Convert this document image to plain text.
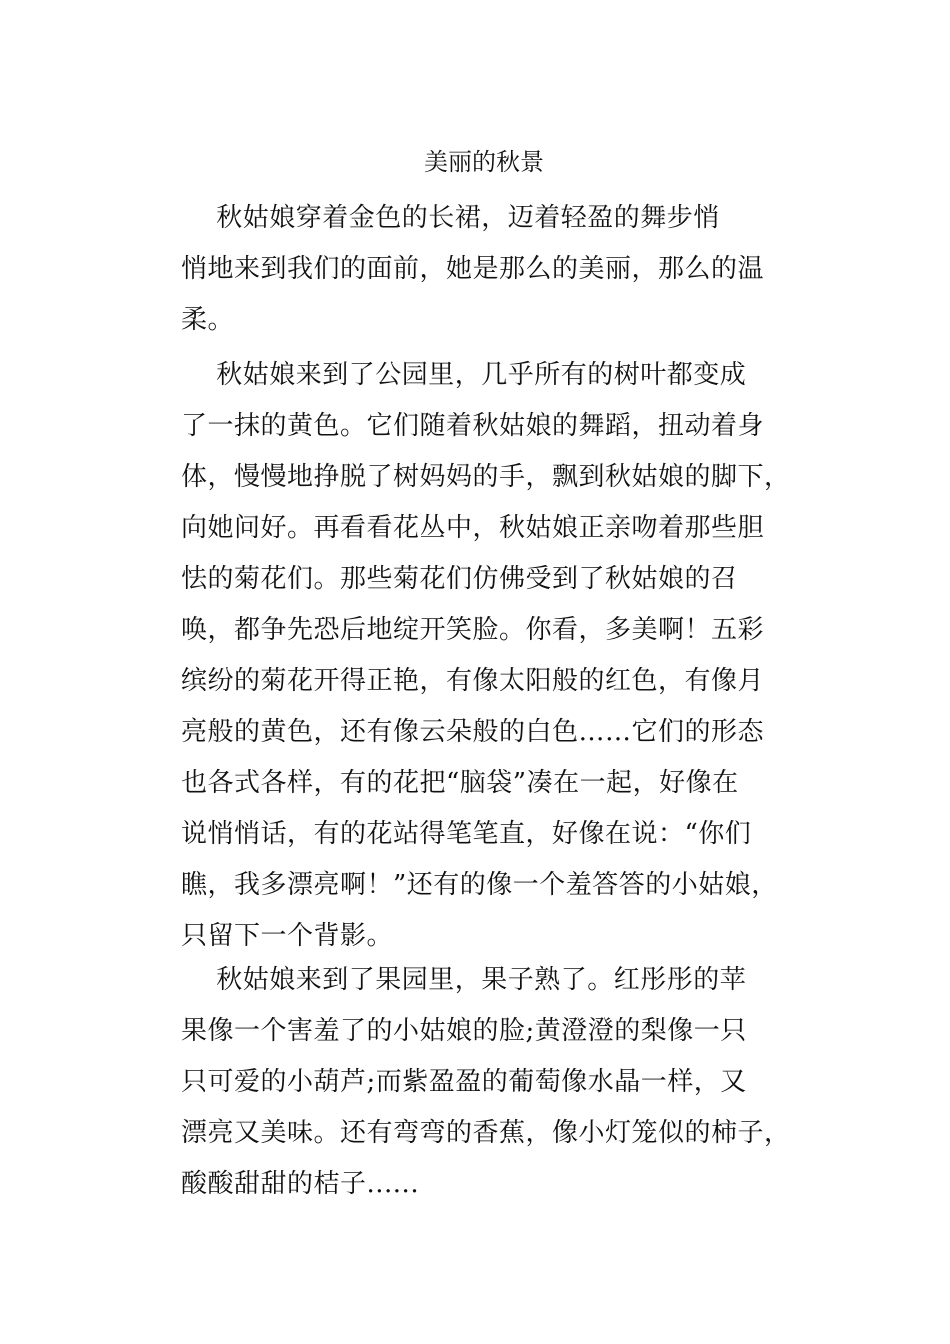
美丽的秋景
　 秋姑娘穿着金色的长裙，迈着轻盈的舞步悄
悄地来到我们的面前，她是那么的美丽，那么的温
柔。
　 秋姑娘来到了公园里，几乎所有的树叶都变成
了一抹的黄色。它们随着秋姑娘的舞蹈，扭动着身
体，慢慢地挣脱了树妈妈的手，飘到秋姑娘的脚下，
向她问好。再看看花丛中，秋姑娘正亲吻着那些胆
怯的菊花们。那些菊花们仿佛受到了秋姑娘的召
唤，都争先恐后地绽开笑脸。你看，多美啊！五彩
缤纷的菊花开得正艳，有像太阳般的红色，有像月
亮般的黄色，还有像云朵般的白色……它们的形态
也各式各样，有的花把“脑袋”凑在一起，好像在
说悄悄话，有的花站得笔笔直，好像在说：“你们
瞧，我多漂亮啊！”还有的像一个羞答答的小姑娘，
只留下一个背影。
　 秋姑娘来到了果园里，果子熟了。红彤彤的苹
果像一个害羞了的小姑娘的脸;黄澄澄的梨像一只
只可爱的小葫芦;而紫盈盈的葡萄像水晶一样，又
漂亮又美味。还有弯弯的香蕉，像小灯笼似的柿子，
酸酸甜甜的桔子......
